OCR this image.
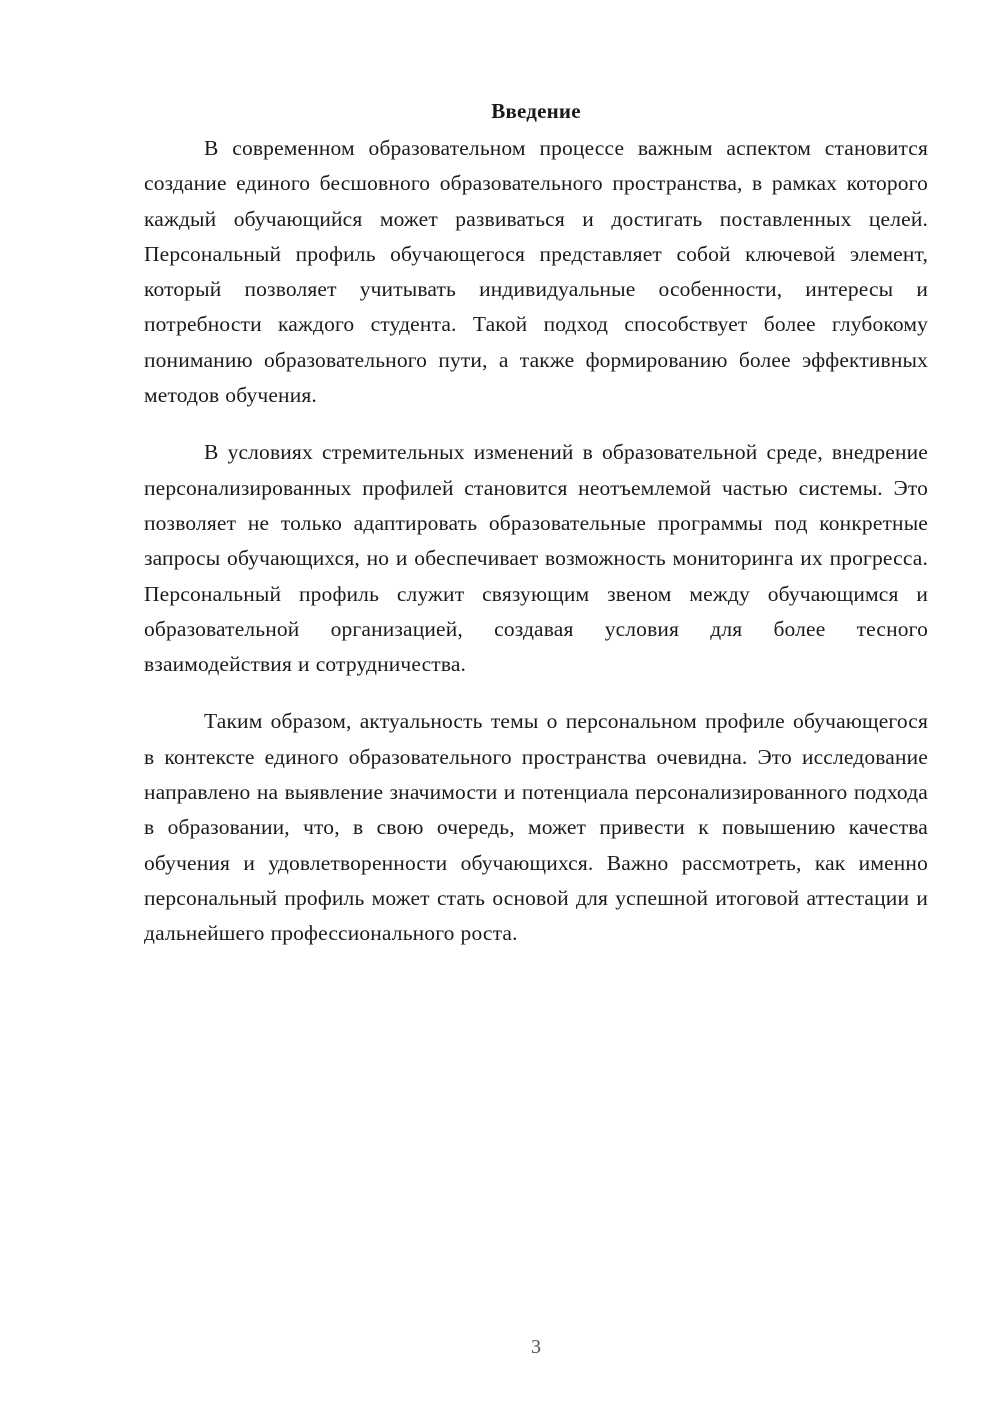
Введение

В современном образовательном процессе важным аспектом становится создание единого бесшовного образовательного пространства, в рамках которого каждый обучающийся может развиваться и достигать поставленных целей. Персональный профиль обучающегося представляет собой ключевой элемент, который позволяет учитывать индивидуальные особенности, интересы и потребности каждого студента. Такой подход способствует более глубокому пониманию образовательного пути, а также формированию более эффективных методов обучения.

В условиях стремительных изменений в образовательной среде, внедрение персонализированных профилей становится неотъемлемой частью системы. Это позволяет не только адаптировать образовательные программы под конкретные запросы обучающихся, но и обеспечивает возможность мониторинга их прогресса. Персональный профиль служит связующим звеном между обучающимся и образовательной организацией, создавая условия для более тесного взаимодействия и сотрудничества.

Таким образом, актуальность темы о персональном профиле обучающегося в контексте единого образовательного пространства очевидна. Это исследование направлено на выявление значимости и потенциала персонализированного подхода в образовании, что, в свою очередь, может привести к повышению качества обучения и удовлетворенности обучающихся. Важно рассмотреть, как именно персональный профиль может стать основой для успешной итоговой аттестации и дальнейшего профессионального роста.

3
